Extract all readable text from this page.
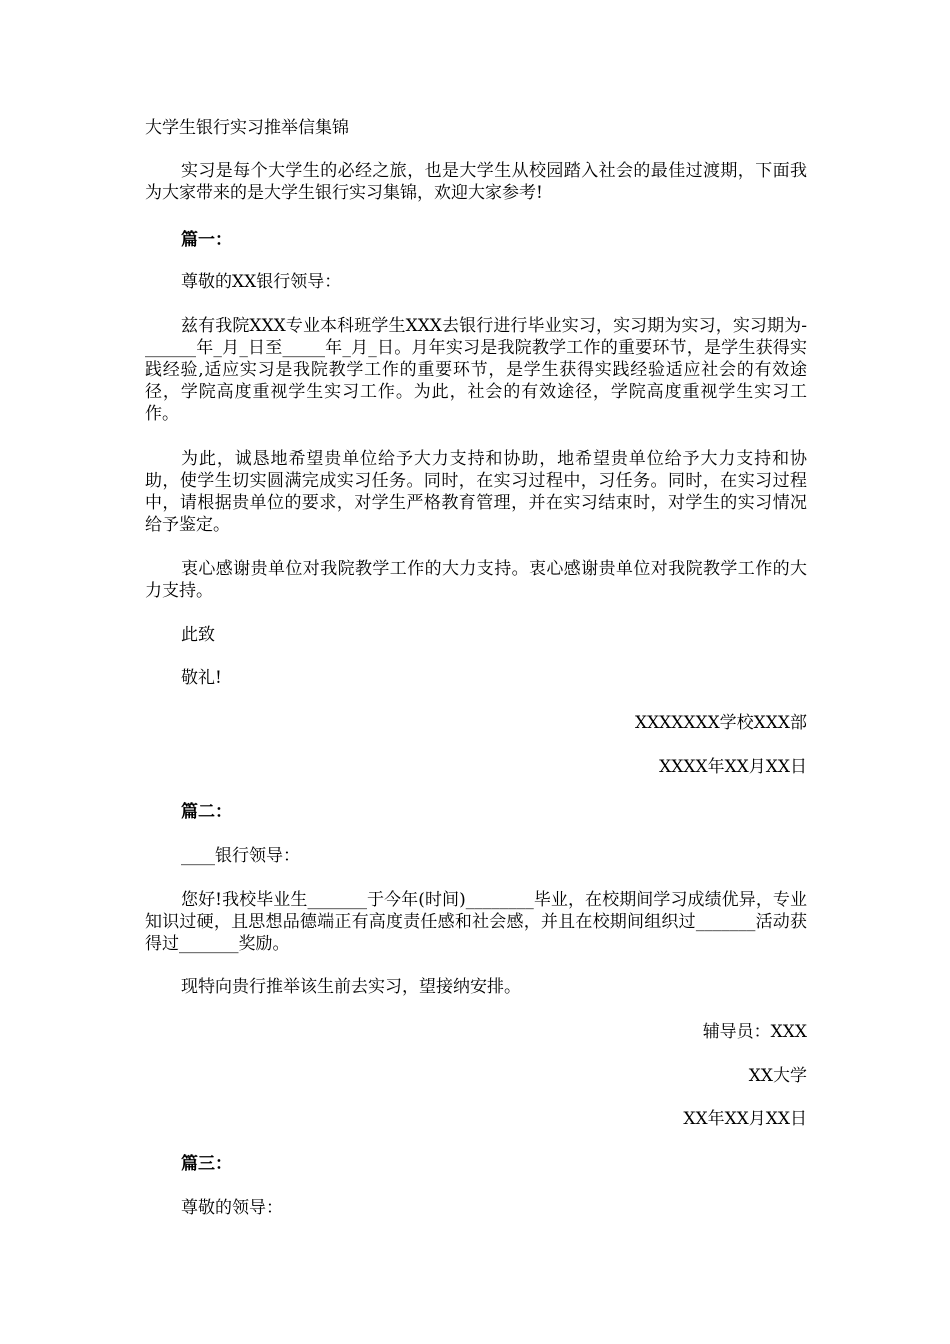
大学生银行实习推举信集锦
实习是每个大学生的必经之旅，也是大学生从校园踏入社会的最佳过渡期，下面我为大家带来的是大学生银行实习集锦，欢迎大家参考!
篇一：
尊敬的XX银行领导：
兹有我院XXX专业本科班学生XXX去银行进行毕业实习，实习期为实习，实习期为-______年_月_日至_____年_月_日。月年实习是我院教学工作的重要环节，是学生获得实践经验,适应实习是我院教学工作的重要环节，是学生获得实践经验适应社会的有效途径，学院高度重视学生实习工作。为此，社会的有效途径，学院高度重视学生实习工作。
为此，诚恳地希望贵单位给予大力支持和协助，地希望贵单位给予大力支持和协助，使学生切实圆满完成实习任务。同时，在实习过程中，习任务。同时，在实习过程中，请根据贵单位的要求，对学生严格教育管理，并在实习结束时，对学生的实习情况给予鉴定。
衷心感谢贵单位对我院教学工作的大力支持。衷心感谢贵单位对我院教学工作的大力支持。
此致
敬礼!
XXXXXXX学校XXX部
XXXX年XX月XX日
篇二：
____银行领导：
您好!我校毕业生_______于今年(时间)________毕业，在校期间学习成绩优异，专业知识过硬，且思想品德端正有高度责任感和社会感，并且在校期间组织过_______活动获得过_______奖励。
现特向贵行推举该生前去实习，望接纳安排。
辅导员：XXX
XX大学
XX年XX月XX日
篇三：
尊敬的领导：
